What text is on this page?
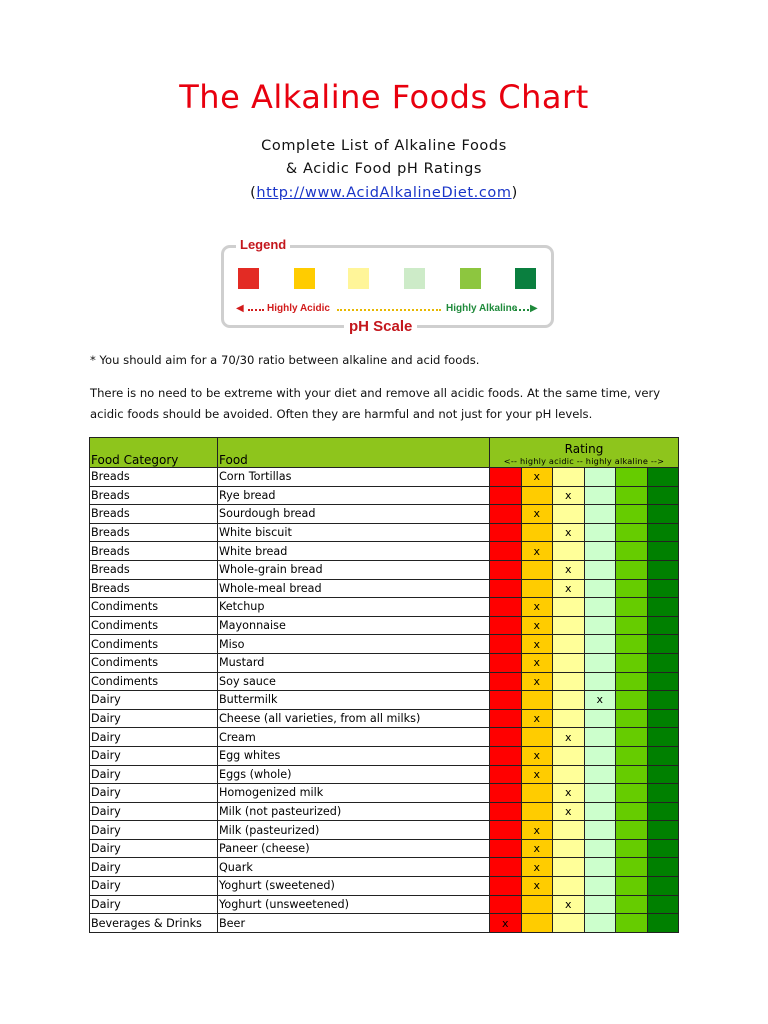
The Alkaline Foods Chart
Complete List of Alkaline Foods
& Acidic Food pH Ratings
(http://www.AcidAlkalineDiet.com)
Legend
◀ Highly Acidic	Highly Alkaline ▶
pH Scale

* You should aim for a 70/30 ratio between alkaline and acid foods.

There is no need to be extreme with your diet and remove all acidic foods. At the same time, very acidic foods should be avoided. Often they are harmful and not just for your pH levels.

Food Category	Food	Rating
<-- highly acidic -- highly alkaline -->					

Breads	Corn Tortillas		x				
Breads	Rye bread			x			
Breads	Sourdough bread		x				
Breads	White biscuit			x			
Breads	White bread		x				
Breads	Whole-grain bread			x			
Breads	Whole-meal bread			x			
Condiments	Ketchup		x				
Condiments	Mayonnaise		x				
Condiments	Miso		x				
Condiments	Mustard		x				
Condiments	Soy sauce		x				
Dairy	Buttermilk				x		
Dairy	Cheese (all varieties, from all milks)		x				
Dairy	Cream			x			
Dairy	Egg whites		x				
Dairy	Eggs (whole)		x				
Dairy	Homogenized milk			x			
Dairy	Milk (not pasteurized)			x			
Dairy	Milk (pasteurized)		x				
Dairy	Paneer (cheese)		x				
Dairy	Quark		x				
Dairy	Yoghurt (sweetened)		x				
Dairy	Yoghurt (unsweetened)			x			
Beverages & Drinks	Beer	x					
